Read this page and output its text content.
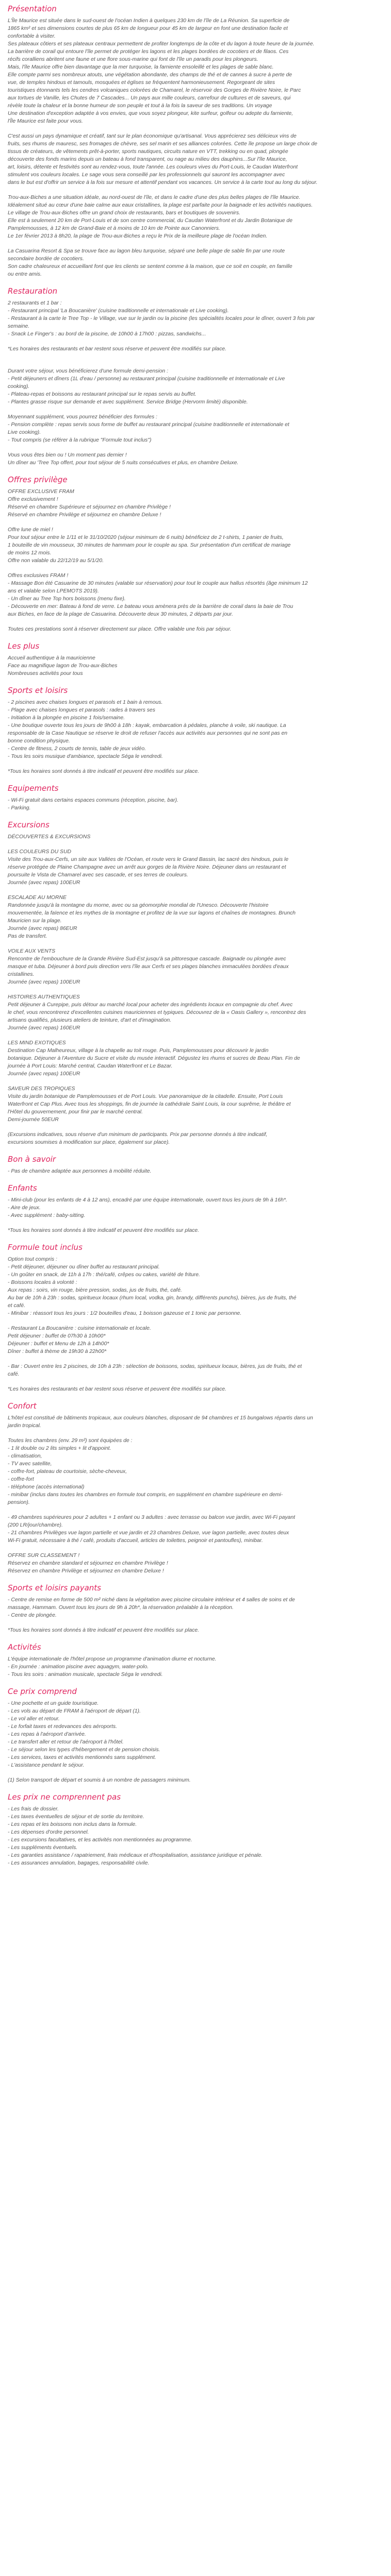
Présentation
L'Île Maurice est située dans le sud-ouest de l'océan Indien à quelques 230 km de l'île de La Réunion. Sa superficie de
1865 km² et ses dimensions courtes de plus 65 km de longueur pour 45 km de largeur en font une destination facile et
confortable à visiter.
Ses plateaux côtiers et ses plateaux centraux permettent de profiter longtemps de la côte et du lagon à toute heure de la journée.
La barrière de corail qui entoure l'île permet de protéger les lagons et les plages bordées de cocotiers et de filaos. Ces
récifs coralliens abritent une faune et une flore sous-marine qui font de l'île un paradis pour les plongeurs.
Mais, l'île Maurice offre bien davantage que la mer turquoise, la farniente ensoleillé et les plages de sable blanc.
Elle compte parmi ses nombreux atouts, une végétation abondante, des champs de thé et de cannes à sucre à perte de
vue, de temples hindous et tamouls, mosquées et églises se fréquentent harmonieusement. Regorgeant de sites
touristiques étonnants tels les cendres volcaniques colorées de Chamarel, le réservoir des Gorges de Rivière Noire, le Parc
aux tortues de Vanille, les Chutes de 7 Cascades... Un pays aux mille couleurs, carrefour de cultures et de saveurs, qui
révèle toute la chaleur et la bonne humeur de son peuple et tout à la fois la saveur de ses traditions. Un voyage
Une destination d'exception adaptée à vos envies, que vous soyez plongeur, kite surfeur, golfeur ou adepte du farniente,
l'Île Maurice est faite pour vous.
C'est aussi un pays dynamique et créatif, tant sur le plan économique qu'artisanal. Vous apprécierez ses délicieux vins de
fruits, ses rhums de mauresc, ses fromages de chèvre, ses sel marin et ses alliances colorées. Cette île propose un large choix de
tissus de créateurs, de vêtements prêt-à-porter, sports nautiques, circuits nature en VTT, trekking ou en quad, plongée
découverte des fonds marins depuis un bateau à fond transparent, ou nage au milieu des dauphins...Sur l'île Maurice,
art, loisirs, détente et festivités sont au rendez-vous, toute l'année. Les couleurs vives du Port-Louis, le Caudan Waterfront
stimulent vos couleurs locales. Le sage vous sera conseillé par les professionnels qui sauront les accompagner avec
dans le but est d'offrir un service à la fois sur mesure et attentif pendant vos vacances. Un service à la carte tout au long du séjour.
Trou-aux-Biches a une situation idéale, au nord-ouest de l'île, et dans le cadre d'une des plus belles plages de l'île Maurice.
Idéalement situé au cœur d'une baie calme aux eaux cristallines, la plage est parfaite pour la baignade et les activités nautiques.
Le village de Trou-aux-Biches offre un grand choix de restaurants, bars et boutiques de souvenirs.
Elle est à seulement 20 km de Port-Louis et de son centre commercial, du Caudan Waterfront et du Jardin Botanique de
Pamplemousses, à 12 km de Grand-Baie et à moins de 10 km de Pointe aux Canonniers.
Le 1er février 2013 à 8h20, la plage de Trou-aux-Biches a reçu le Prix de la meilleure plage de l'océan Indien.
La Casuarina Resort & Spa se trouve face au lagon bleu turquoise, séparé une belle plage de sable fin par une route
secondaire bordée de cocotiers.
Son cadre chaleureux et accueillant font que les clients se sentent comme à la maison, que ce soit en couple, en famille
ou entre amis.
Restauration
2 restaurants et 1 bar :
- Restaurant principal 'La Boucanière' (cuisine traditionnelle et internationale et Live cooking).
- Restaurant à la carte le Tree Top - le Village, vue sur le jardin ou la piscine (les spécialités locales pour le dîner, ouvert 3 fois par
semaine.
- Snack Le Finger's : au bord de la piscine, de 10h00 à 17h00 : pizzas, sandwichs...
*Les horaires des restaurants et bar restent sous réserve et peuvent être modifiés sur place.
Durant votre séjour, vous bénéficierez d'une formule demi-pension :
- Petit déjeuners et dîners (1L d'eau / personne) au restaurant principal (cuisine traditionnelle et Internationale et Live
cooking).
- Plateau-repas et boissons au restaurant principal sur le repas servis au buffet.
- Plantes grasse risque sur demande et avec supplément. Service Bridge (Hervorm limité) disponible.
Moyennant supplément, vous pourrez bénéficier des formules :
- Pension complète : repas servis sous forme de buffet au restaurant principal (cuisine traditionnelle et internationale et
Live cooking).
- Tout compris (se référer à la rubrique "Formule tout inclus")
Vous vous êtes bien ou ! Un moment pas dernier !
Un dîner au 'Tree Top offert, pour tout séjour de 5 nuits consécutives et plus, en chambre Deluxe.
Offres privilège
OFFRE EXCLUSIVE FRAM
Offre exclusivement !
Réservé en chambre Supérieure et séjournez en chambre Privilège !
Réservé en chambre Privilège et séjournez en chambre Deluxe !
Offre lune de miel !
Pour tout séjour entre le 1/11 et le 31/10/2020 (séjour minimum de 6 nuits) bénéficiez de 2 t-shirts, 1 panier de fruits,
1 bouteille de vin mousseux, 30 minutes de hammam pour le couple au spa. Sur présentation d'un certificat de mariage
de moins 12 mois.
Offre non valable du 22/12/19 au 5/1/20.
Offres exclusives FRAM !
- Massage Bon été Casuarine de 30 minutes (valable sur réservation) pour tout le couple aux hallus résortés (âge minimum 12
ans et valable selon LPEMOTS 2019).
- Un dîner au Tree Top hors boissons (menu fixe).
- Découverte en mer: Bateau à fond de verre. Le bateau vous amènera près de la barrière de corail dans la baie de Trou
aux Biches, en face de la plage de Casuarina. Découverte deux 30 minutes, 2 départs par jour.
Toutes ces prestations sont à réserver directement sur place. Offre valable une fois par séjour.
Les plus
Accueil authentique à la mauricienne
Face au magnifique lagon de Trou-aux-Biches
Nombreuses activités pour tous
Sports et loisirs
- 2 piscines avec chaises longues et parasols et 1 bain à remous.
- Plage avec chaises longues et parasols : rades à travers ses
- Initiation à la plongée en piscine 1 fois/semaine.
- Une boutique ouverte tous les jours de 9h00 à 18h : kayak, embarcation à pédales, planche à voile, ski nautique. La
responsable de la Case Nautique se réserve le droit de refuser l'accès aux activités aux personnes qui ne sont pas en
bonne condition physique.
- Centre de fitness, 2 courts de tennis, table de jeux vidéo.
- Tous les soirs musique d'ambiance, spectacle Séga le vendredi.
*Tous les horaires sont donnés à titre indicatif et peuvent être modifiés sur place.
Equipements
- Wi-Fi gratuit dans certains espaces communs (réception, piscine, bar).
- Parking.
Excursions
DÉCOUVERTES & EXCURSIONS
LES COULEURS DU SUD
Visite des Trou-aux-Cerfs, un site aux Vallées de l'Océan, et route vers le Grand Bassin, lac sacré des hindous, puis le
réserve protégée de Plaine Champagne avec un arrêt aux gorges de la Rivière Noire. Déjeuner dans un restaurant et
poursuite le Vista de Chamarel avec ses cascade, et ses terres de couleurs.
Journée (avec repas) 100EUR
ESCALADE AU MORNE
Randonnée jusqu'à la montagne du morne, avec ou sa géomorphie mondial de l'Unesco. Découverte l'histoire
mouvementée, la faïence et les mythes de la montagne et profitez de la vue sur lagons et chaînes de montagnes. Brunch
Mauricien sur la plage.
Journée (avec repas) 86EUR
Pas de transfert.
VOILE AUX VENTS
Rencontre de l'embouchure de la Grande Rivière Sud-Est jusqu'à sa pittoresque cascade. Baignade ou plongée avec
masque et tuba. Déjeuner à bord puis direction vers l'île aux Cerfs et ses plages blanches immaculées bordées d'eaux
cristallines.
Journée (avec repas) 100EUR
HISTOIRES AUTHENTIQUES
Petit déjeuner à Curepipe, puis détour au marché local pour acheter des ingrédients locaux en compagnie du chef. Avec
le chef, vous rencontrerez d'excellentes cuisines mauriciennes et typiques. Découvrez de la « Oasis Gallery », rencontrez des
artisans qualifiés, plusieurs ateliers de teinture, d'art et d'imagination.
Journée (avec repas) 160EUR
LES MIND EXOTIQUES
Destination Cap Malheureux, village à la chapelle au toit rouge. Puis, Pamplemousses pour découvrir le jardin
botanique. Déjeuner à l'Aventure du Sucre et visite du musée interactif. Dégustez les rhums et sucres de Beau Plan. Fin de
journée à Port Louis: Marché central, Caudan Waterfront et Le Bazar.
Journée (avec repas) 100EUR
SAVEUR DES TROPIQUES
Visite du jardin botanique de Pamplemousses et de Port Louis. Vue panoramique de la citadelle. Ensuite, Port Louis
Waterfront et Cap Plus. Avec tous les shoppings, fin de journée la cathédrale Saint Louis, la cour suprême, le théâtre et
l'Hôtel du gouvernement, pour finir par le marché central.
Demi-journée 50EUR
(Excursions indicatives, sous réserve d'un minimum de participants. Prix par personne donnés à titre indicatif,
excursions soumises à modification sur place, également sur place).
Bon à savoir
- Pas de chambre adaptée aux personnes à mobilité réduite.
Enfants
- Mini-club (pour les enfants de 4 à 12 ans), encadré par une équipe internationale, ouvert tous les jours de 9h à 16h*.
- Aire de jeux.
- Avec supplément : baby-sitting.
*Tous les horaires sont donnés à titre indicatif et peuvent être modifiés sur place.
Formule tout inclus
Option tout compris :
- Petit déjeuner, déjeuner ou dîner buffet au restaurant principal.
- Un goûter en snack, de 11h à 17h : thé/café, crêpes ou cakes, variété de friture.
- Boissons locales à volonté :
Aux repas : soirs, vin rouge, bière pression, sodas, jus de fruits, thé, café.
Au bar de 10h à 23h : sodas, spiritueux locaux (rhum local, vodka, gin, brandy, différents punchs), bières, jus de fruits, thé
et café.
- Minibar : réassort tous les jours : 1/2 bouteilles d'eau, 1 boisson gazeuse et 1 tonic par personne.
- Restaurant La Boucanière : cuisine internationale et locale.
Petit déjeuner : buffet de 07h30 à 10h00*
Déjeuner : buffet et Menu de 12h à 14h00*
Dîner : buffet à thème de 19h30 à 22h00*
- Bar : Ouvert entre les 2 piscines, de 10h à 23h : sélection de boissons, sodas, spiritueux locaux, bières, jus de fruits, thé et
café.
*Les horaires des restaurants et bar restent sous réserve et peuvent être modifiés sur place.
Confort
L'hôtel est constitué de bâtiments tropicaux, aux couleurs blanches, disposant de 94 chambres et 15 bungalows répartis dans un
jardin tropical.
Toutes les chambres (env. 29 m²) sont équipées de :
- 1 lit double ou 2 lits simples + lit d'appoint.
- climatisation,
- TV avec satellite,
- coffre-fort, plateau de courtoisie, sèche-cheveux,
- coffre-fort
- téléphone (accès international)
- minibar (inclus dans toutes les chambres en formule tout compris, en supplément en chambre supérieure en demi-
pension).
- 49 chambres supérieures pour 2 adultes + 1 enfant ou 3 adultes : avec terrasse ou balcon vue jardin, avec Wi-Fi payant
(200 LR/jour/chambre).
- 21 chambres Privilèges vue lagon partielle et vue jardin et 23 chambres Deluxe, vue lagon partielle, avec toutes deux
Wi-Fi gratuit, nécessaire à thé / café, produits d'accueil, articles de toilettes, peignoir et pantoufles), minibar.
OFFRE SUR CLASSEMENT !
Réservez en chambre standard et séjournez en chambre Privilège !
Réservez en chambre Privilège et séjournez en chambre Deluxe !
Sports et loisirs payants
- Centre de remise en forme de 500 m² niché dans la végétation avec piscine circulaire intérieur et 4 salles de soins et de
massage, Hammam. Ouvert tous les jours de 9h à 20h*, la réservation préalable à la réception.
- Centre de plongée.
*Tous les horaires sont donnés à titre indicatif et peuvent être modifiés sur place.
Activités
L'équipe internationale de l'hôtel propose un programme d'animation diurne et nocturne.
- En journée : animation piscine avec aquagym, water-polo.
- Tous les soirs : animation musicale, spectacle Séga le vendredi.
Ce prix comprend
- Une pochette et un guide touristique.
- Les vols au départ de FRAM à l'aéroport de départ (1).
- Le vol aller et retour.
- Le forfait taxes et redevances des aéroports.
- Les repas à l'aéroport d'arrivée.
- Le transfert aller et retour de l'aéroport à l'hôtel.
- Le séjour selon les types d'hébergement et de pension choisis.
- Les services, taxes et activités mentionnés sans supplément.
- L'assistance pendant le séjour.
(1) Selon transport de départ et soumis à un nombre de passagers minimum.
Les prix ne comprennent pas
- Les frais de dossier.
- Les taxes éventuelles de séjour et de sortie du territoire.
- Les repas et les boissons non inclus dans la formule.
- Les dépenses d'ordre personnel.
- Les excursions facultatives, et les activités non mentionnées au programme.
- Les suppléments éventuels.
- Les garanties assistance / rapatriement, frais médicaux et d'hospitalisation, assistance juridique et pénale.
- Les assurances annulation, bagages, responsabilité civile.
